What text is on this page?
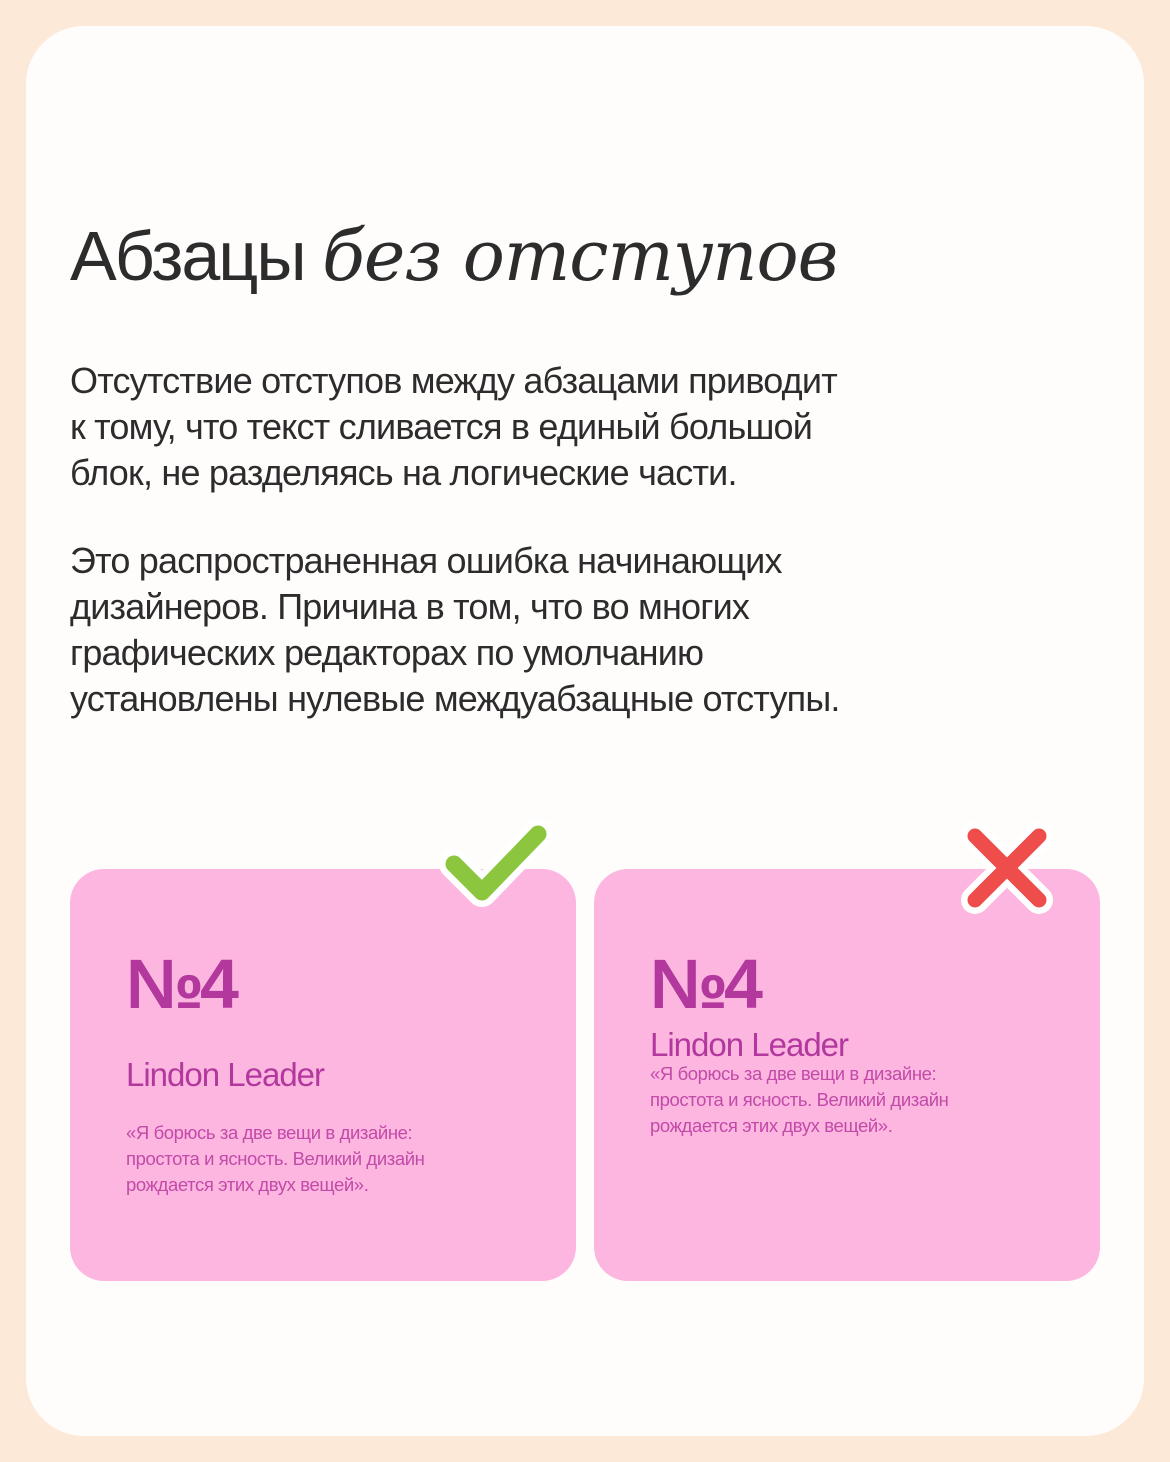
Абзацы без отступов

Отсутствие отступов между абзацами приводит
к тому, что текст сливается в единый большой
блок, не разделяясь на логические части.

Это распространенная ошибка начинающих
дизайнеров. Причина в том, что во многих
графических редакторах по умолчанию
установлены нулевые междуабзацные отступы.

№4
Lindon Leader
«Я борюсь за две вещи в дизайне:
простота и ясность. Великий дизайн
рождается этих двух вещей».
№4
Lindon Leader
«Я борюсь за две вещи в дизайне:
простота и ясность. Великий дизайн
рождается этих двух вещей».
